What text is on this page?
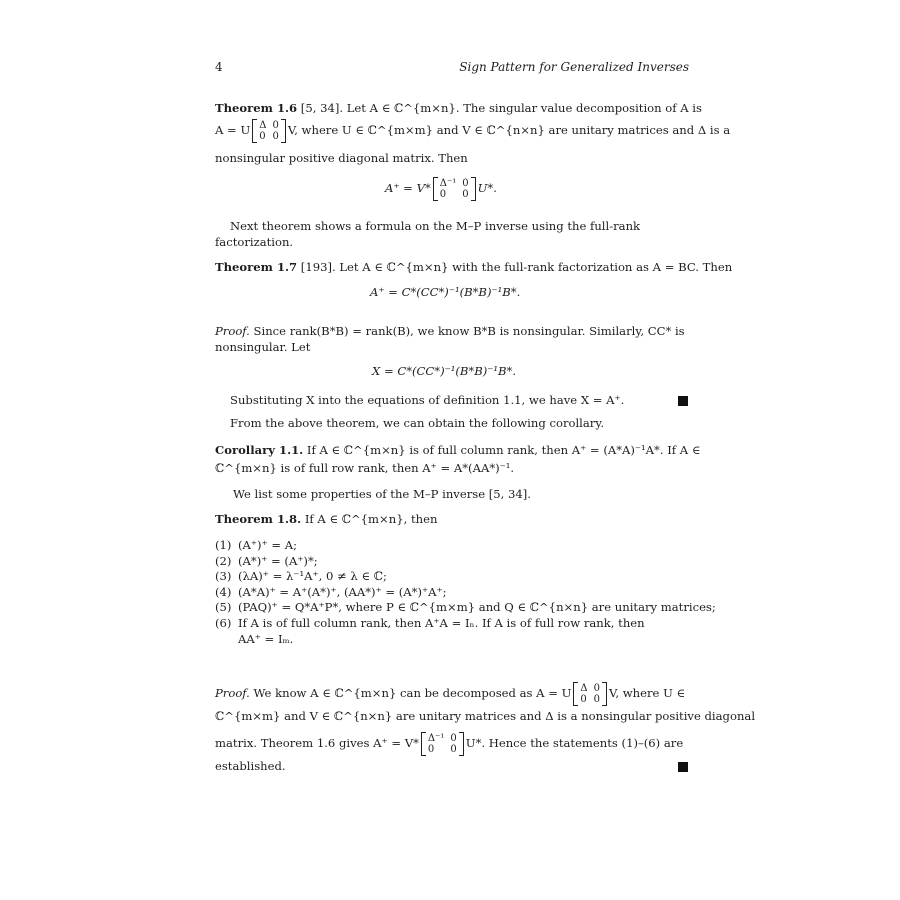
4	Sign Pattern for Generalized Inverses
Theorem 1.6 [5, 34]. Let A ∈ ℂ^{m×n}. The singular value decomposition of A is
A = U Δ	0
0	0 V, where U ∈ ℂ^{m×m} and V ∈ ℂ^{n×n} are unitary matrices and Δ is a
nonsingular positive diagonal matrix. Then
A⁺ = V* Δ⁻¹	0
0	0 U*.
Next theorem shows a formula on the M–P inverse using the full-rank
factorization.
Theorem 1.7 [193]. Let A ∈ ℂ^{m×n} with the full-rank factorization as A = BC. Then
A⁺ = C*(CC*)⁻¹(B*B)⁻¹B*.
Proof. Since rank(B*B) = rank(B), we know B*B is nonsingular. Similarly, CC* is
nonsingular. Let
X = C*(CC*)⁻¹(B*B)⁻¹B*.
Substituting X into the equations of definition 1.1, we have X = A⁺.
From the above theorem, we can obtain the following corollary.
Corollary 1.1. If A ∈ ℂ^{m×n} is of full column rank, then A⁺ = (A*A)⁻¹A*. If A ∈
ℂ^{m×n} is of full row rank, then A⁺ = A*(AA*)⁻¹.
We list some properties of the M–P inverse [5, 34].
Theorem 1.8. If A ∈ ℂ^{m×n}, then
(1) (A⁺)⁺ = A;
(2) (A*)⁺ = (A⁺)*;
(3) (λA)⁺ = λ⁻¹A⁺, 0 ≠ λ ∈ ℂ;
(4) (A*A)⁺ = A⁺(A*)⁺, (AA*)⁺ = (A*)⁺A⁺;
(5) (PAQ)⁺ = Q*A⁺P*, where P ∈ ℂ^{m×m} and Q ∈ ℂ^{n×n} are unitary matrices;
(6) If A is of full column rank, then A⁺A = Iₙ. If A is of full row rank, then
AA⁺ = Iₘ.
Proof. We know A ∈ ℂ^{m×n} can be decomposed as A = U Δ	0
0	0 V, where U ∈
ℂ^{m×m} and V ∈ ℂ^{n×n} are unitary matrices and Δ is a nonsingular positive diagonal
matrix. Theorem 1.6 gives A⁺ = V* Δ⁻¹	0
0	0 U*. Hence the statements (1)–(6) are
established.
